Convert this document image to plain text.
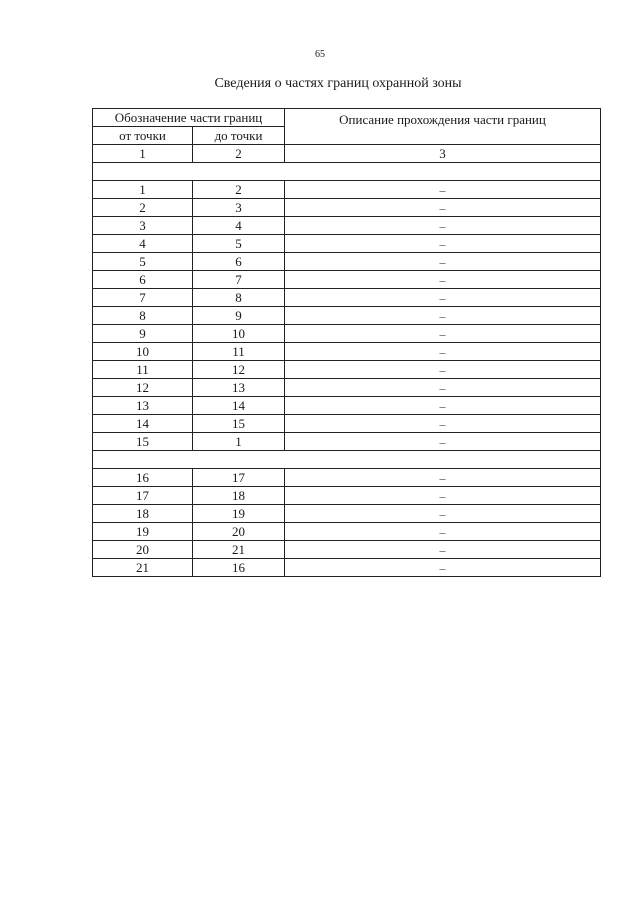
65
Сведения о частях границ охранной зоны
Обозначение части границ		Описание прохождения части границ
от точки	до точки	
1	2	3

1	2	–
2	3	–
3	4	–
4	5	–
5	6	–
6	7	–
7	8	–
8	9	–
9	10	–
10	11	–
11	12	–
12	13	–
13	14	–
14	15	–
15	1	–

16	17	–
17	18	–
18	19	–
19	20	–
20	21	–
21	16	–
